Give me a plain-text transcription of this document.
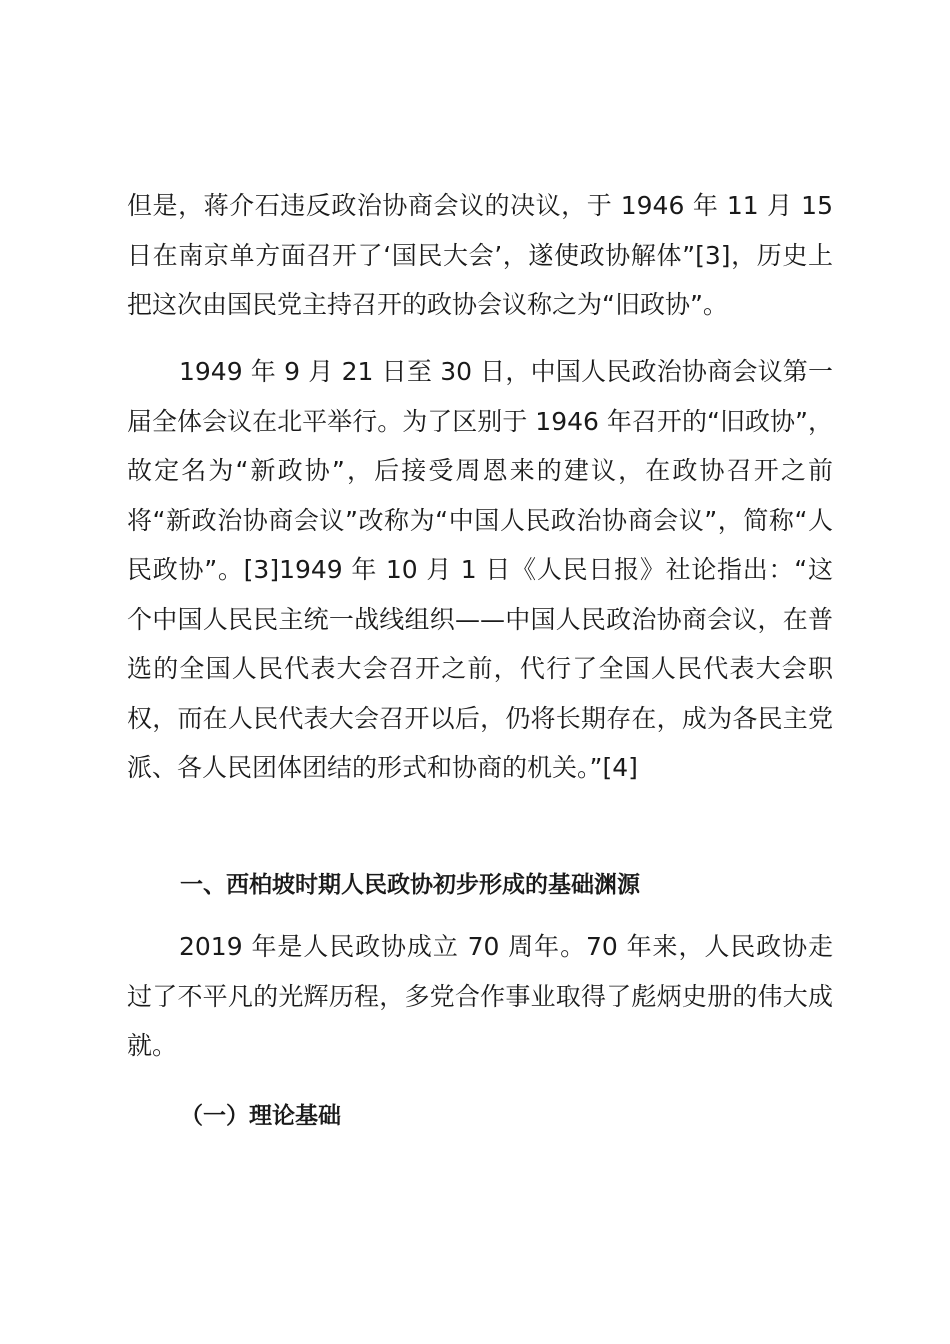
但是，蒋介石违反政治协商会议的决议，于 1946 年 11 月 15 日在南京单方面召开了‘国民大会’，遂使政协解体”[3]，历史上把这次由国民党主持召开的政协会议称之为“旧政协”。

1949 年 9 月 21 日至 30 日，中国人民政治协商会议第一届全体会议在北平举行。为了区别于 1946 年召开的“旧政协”，故定名为“新政协”，后接受周恩来的建议，在政协召开之前将“新政治协商会议”改称为“中国人民政治协商会议”，简称“人民政协”。[3]1949 年 10 月 1 日《人民日报》社论指出：“这个中国人民民主统一战线组织——中国人民政治协商会议，在普选的全国人民代表大会召开之前，代行了全国人民代表大会职权，而在人民代表大会召开以后，仍将长期存在，成为各民主党派、各人民团体团结的形式和协商的机关。”[4]

一、西柏坡时期人民政协初步形成的基础渊源

2019 年是人民政协成立 70 周年。70 年来，人民政协走过了不平凡的光辉历程，多党合作事业取得了彪炳史册的伟大成就。

（一）理论基础
